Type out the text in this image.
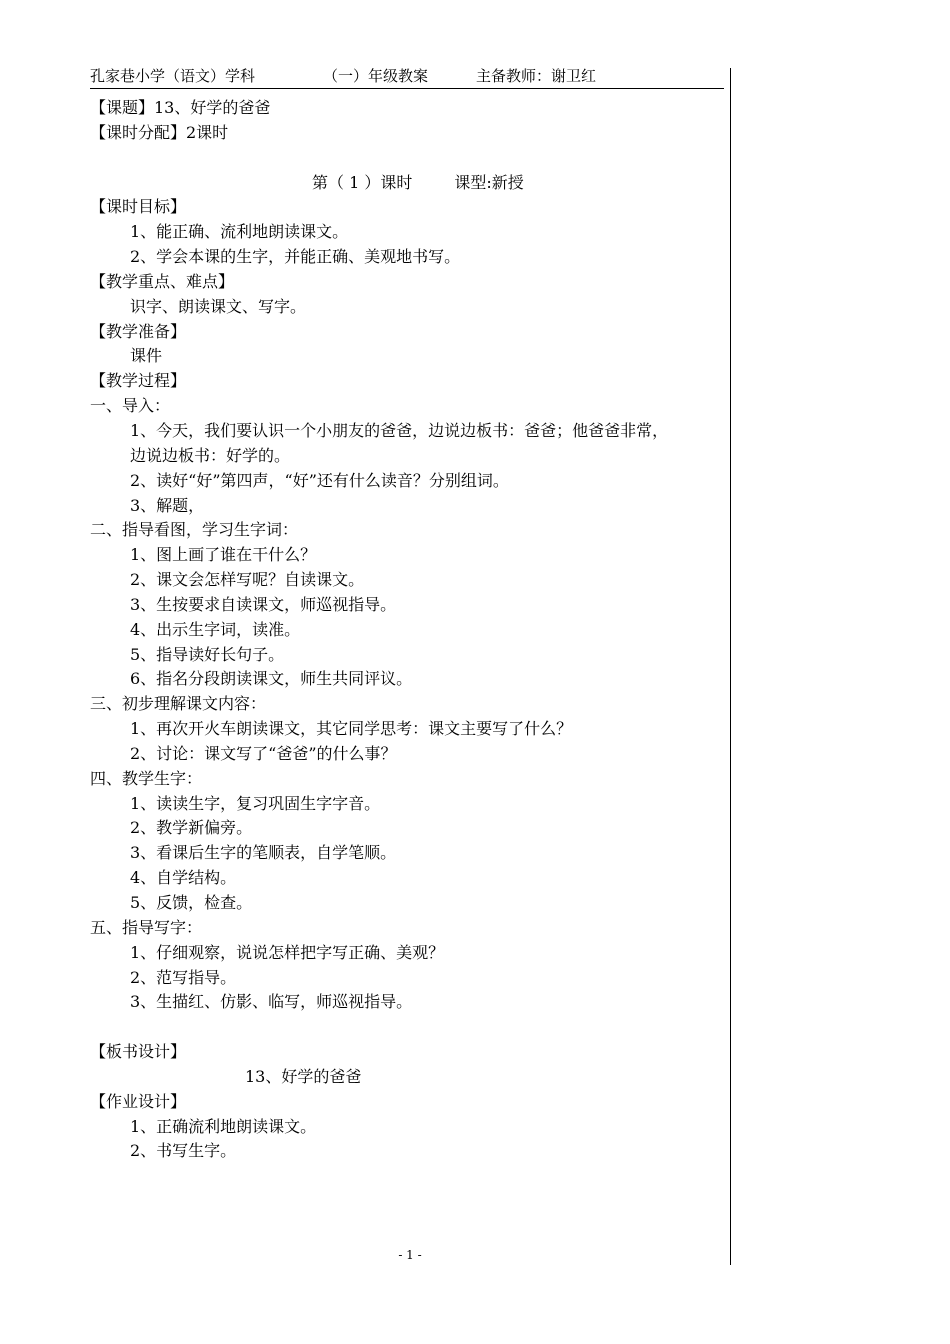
孔家巷小学（语文）学科	（一）年级教案	主备教师：谢卫红
【课题】13、好学的爸爸
【课时分配】2课时
第（ 1 ）课时	课型:新授
【课时目标】
1、能正确、流利地朗读课文。
2、学会本课的生字，并能正确、美观地书写。
【教学重点、难点】
识字、朗读课文、写字。
【教学准备】
课件
【教学过程】
一、导入：
1、今天，我们要认识一个小朋友的爸爸，边说边板书：爸爸；他爸爸非常，
边说边板书：好学的。
2、读好“好”第四声，“好”还有什么读音？分别组词。
3、解题，
二、指导看图，学习生字词：
1、图上画了谁在干什么？
2、课文会怎样写呢？自读课文。
3、生按要求自读课文，师巡视指导。
4、出示生字词，读准。
5、指导读好长句子。
6、指名分段朗读课文，师生共同评议。
三、初步理解课文内容：
1、再次开火车朗读课文，其它同学思考：课文主要写了什么？
2、讨论：课文写了“爸爸”的什么事？
四、教学生字：
1、读读生字，复习巩固生字字音。
2、教学新偏旁。
3、看课后生字的笔顺表，自学笔顺。
4、自学结构。
5、反馈，检查。
五、指导写字：
1、仔细观察，说说怎样把字写正确、美观？
2、范写指导。
3、生描红、仿影、临写，师巡视指导。
【板书设计】
13、好学的爸爸
【作业设计】
1、正确流利地朗读课文。
2、书写生字。
- 1 -
